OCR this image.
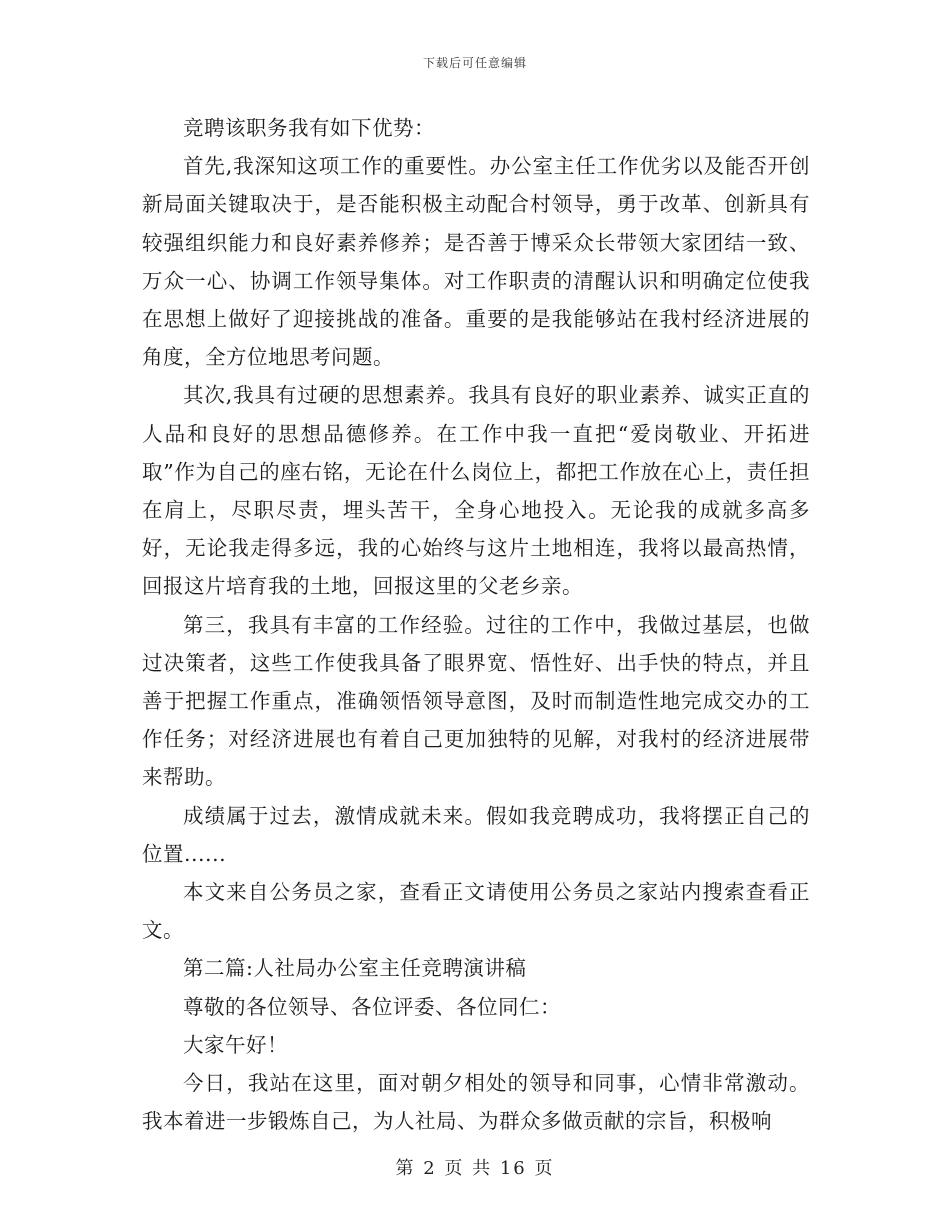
下载后可任意编辑

竞聘该职务我有如下优势：

首先,我深知这项工作的重要性。办公室主任工作优劣以及能否开创新局面关键取决于，是否能积极主动配合村领导，勇于改革、创新具有较强组织能力和良好素养修养；是否善于博采众长带领大家团结一致、万众一心、协调工作领导集体。对工作职责的清醒认识和明确定位使我在思想上做好了迎接挑战的准备。重要的是我能够站在我村经济进展的角度，全方位地思考问题。

其次,我具有过硬的思想素养。我具有良好的职业素养、诚实正直的人品和良好的思想品德修养。在工作中我一直把“爱岗敬业、开拓进取”作为自己的座右铭，无论在什么岗位上，都把工作放在心上，责任担在肩上，尽职尽责，埋头苦干，全身心地投入。无论我的成就多高多好，无论我走得多远，我的心始终与这片土地相连，我将以最高热情，回报这片培育我的土地，回报这里的父老乡亲。

第三，我具有丰富的工作经验。过往的工作中，我做过基层，也做过决策者，这些工作使我具备了眼界宽、悟性好、出手快的特点，并且善于把握工作重点，准确领悟领导意图，及时而制造性地完成交办的工作任务；对经济进展也有着自己更加独特的见解，对我村的经济进展带来帮助。

成绩属于过去，激情成就未来。假如我竞聘成功，我将摆正自己的位置......

本文来自公务员之家，查看正文请使用公务员之家站内搜索查看正文。

第二篇:人社局办公室主任竞聘演讲稿

尊敬的各位领导、各位评委、各位同仁：

大家午好！

今日，我站在这里，面对朝夕相处的领导和同事，心情非常激动。我本着进一步锻炼自己，为人社局、为群众多做贡献的宗旨，积极响

第 2 页 共 16 页
